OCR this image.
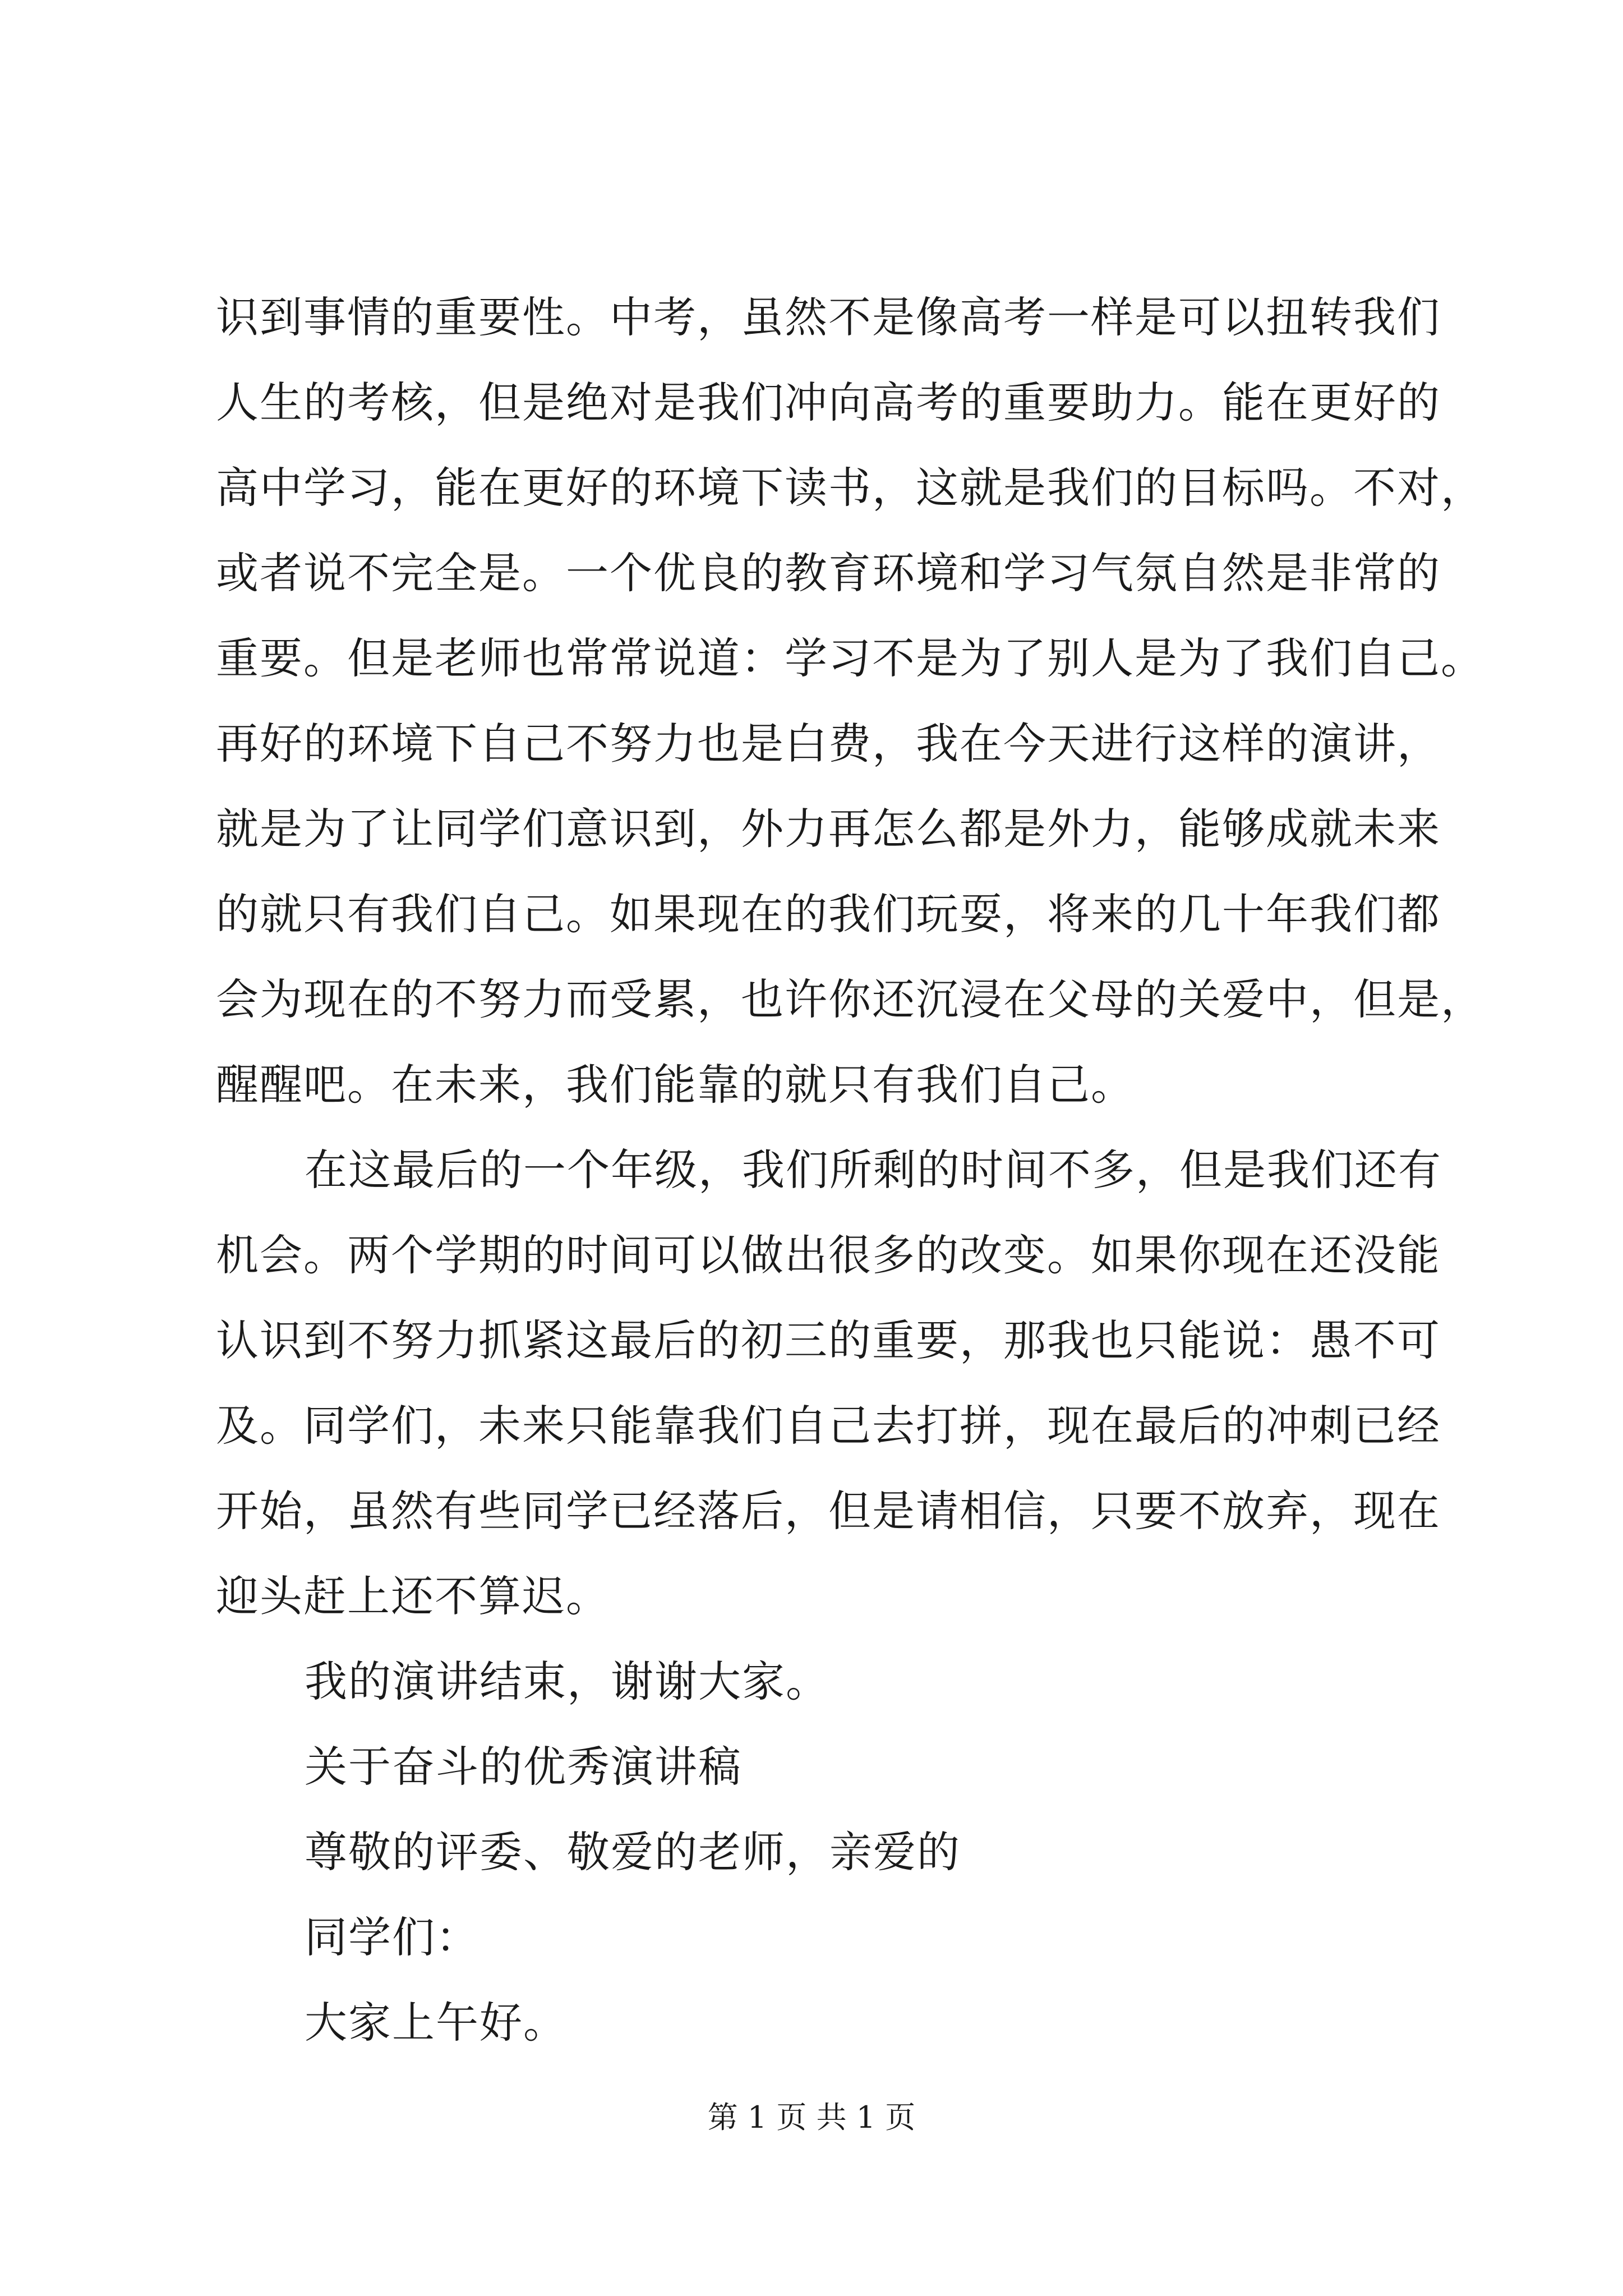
识到事情的重要性。中考，虽然不是像高考一样是可以扭转我们
人生的考核，但是绝对是我们冲向高考的重要助力。能在更好的
高中学习，能在更好的环境下读书，这就是我们的目标吗。不对，
或者说不完全是。一个优良的教育环境和学习气氛自然是非常的
重要。但是老师也常常说道：学习不是为了别人是为了我们自己。
再好的环境下自己不努力也是白费，我在今天进行这样的演讲，
就是为了让同学们意识到，外力再怎么都是外力，能够成就未来
的就只有我们自己。如果现在的我们玩耍，将来的几十年我们都
会为现在的不努力而受累，也许你还沉浸在父母的关爱中，但是，
醒醒吧。在未来，我们能靠的就只有我们自己。
在这最后的一个年级，我们所剩的时间不多，但是我们还有
机会。两个学期的时间可以做出很多的改变。如果你现在还没能
认识到不努力抓紧这最后的初三的重要，那我也只能说：愚不可
及。同学们，未来只能靠我们自己去打拼，现在最后的冲刺已经
开始，虽然有些同学已经落后，但是请相信，只要不放弃，现在
迎头赶上还不算迟。
我的演讲结束，谢谢大家。
关于奋斗的优秀演讲稿
尊敬的评委、敬爱的老师，亲爱的
同学们：
大家上午好。
第 1 页 共 1 页
